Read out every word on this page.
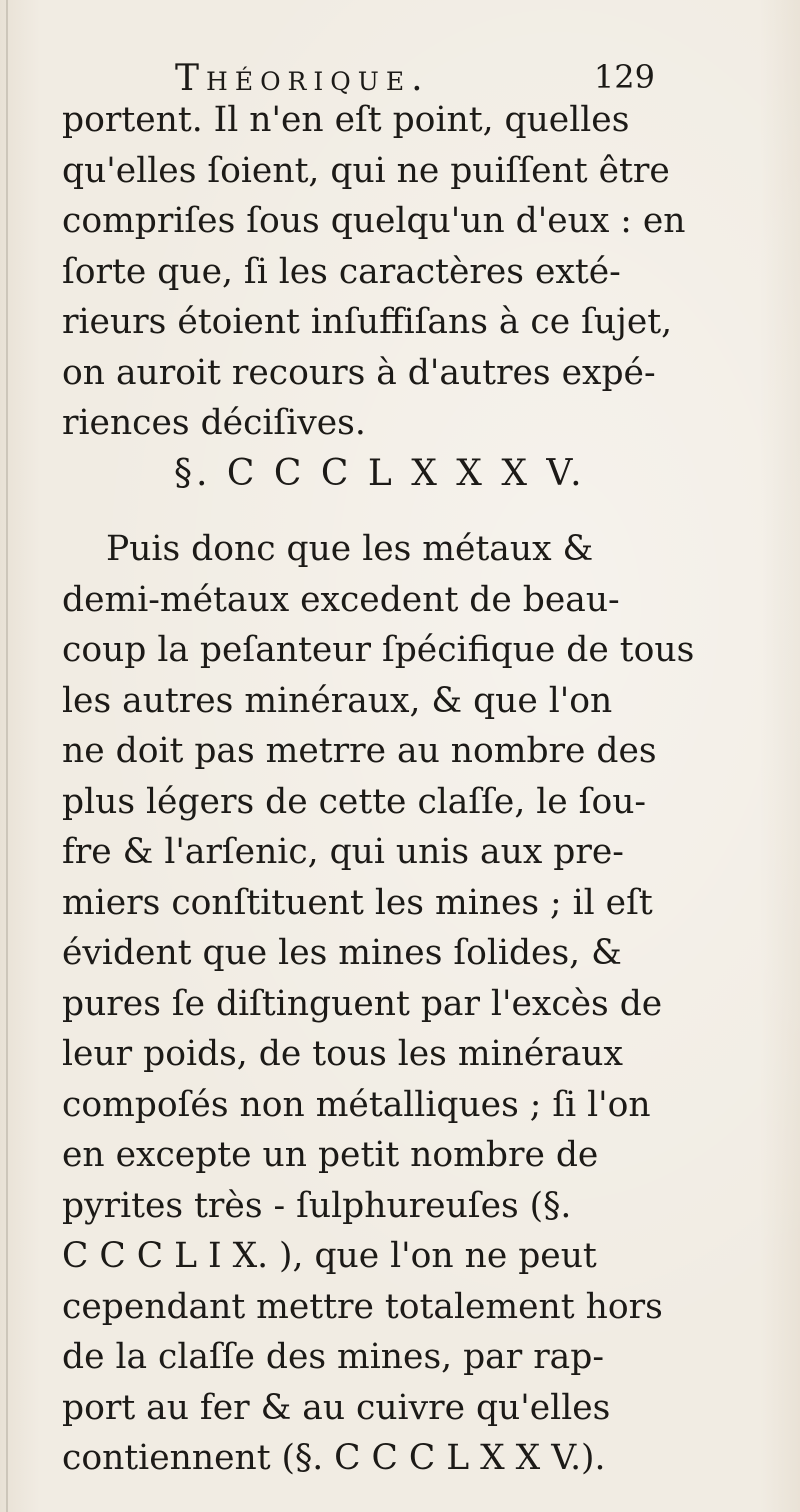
Théorique.	129
portent. Il n'en eſt point, quelles
qu'elles ſoient, qui ne puiſſent être
compriſes ſous quelqu'un d'eux : en
ſorte que, ſi les caractères exté-
rieurs étoient inſuffiſans à ce ſujet,
on auroit recours à d'autres expé-
riences déciſives.
§. C C C L X X X V.
Puis donc que les métaux &
demi-métaux excedent de beau-
coup la peſanteur ſpécifique de tous
les autres minéraux, & que l'on
ne doit pas metrre au nombre des
plus légers de cette claſſe, le ſou-
fre & l'arſenic, qui unis aux pre-
miers conſtituent les mines ; il eſt
évident que les mines ſolides, &
pures ſe diſtinguent par l'excès de
leur poids, de tous les minéraux
compoſés non métalliques ; ſi l'on
en excepte un petit nombre de
pyrites très - ſulphureuſes (§.
C C C L I X. ), que l'on ne peut
cependant mettre totalement hors
de la claſſe des mines, par rap-
port au fer & au cuivre qu'elles
contiennent (§. C C C L X X V.).
